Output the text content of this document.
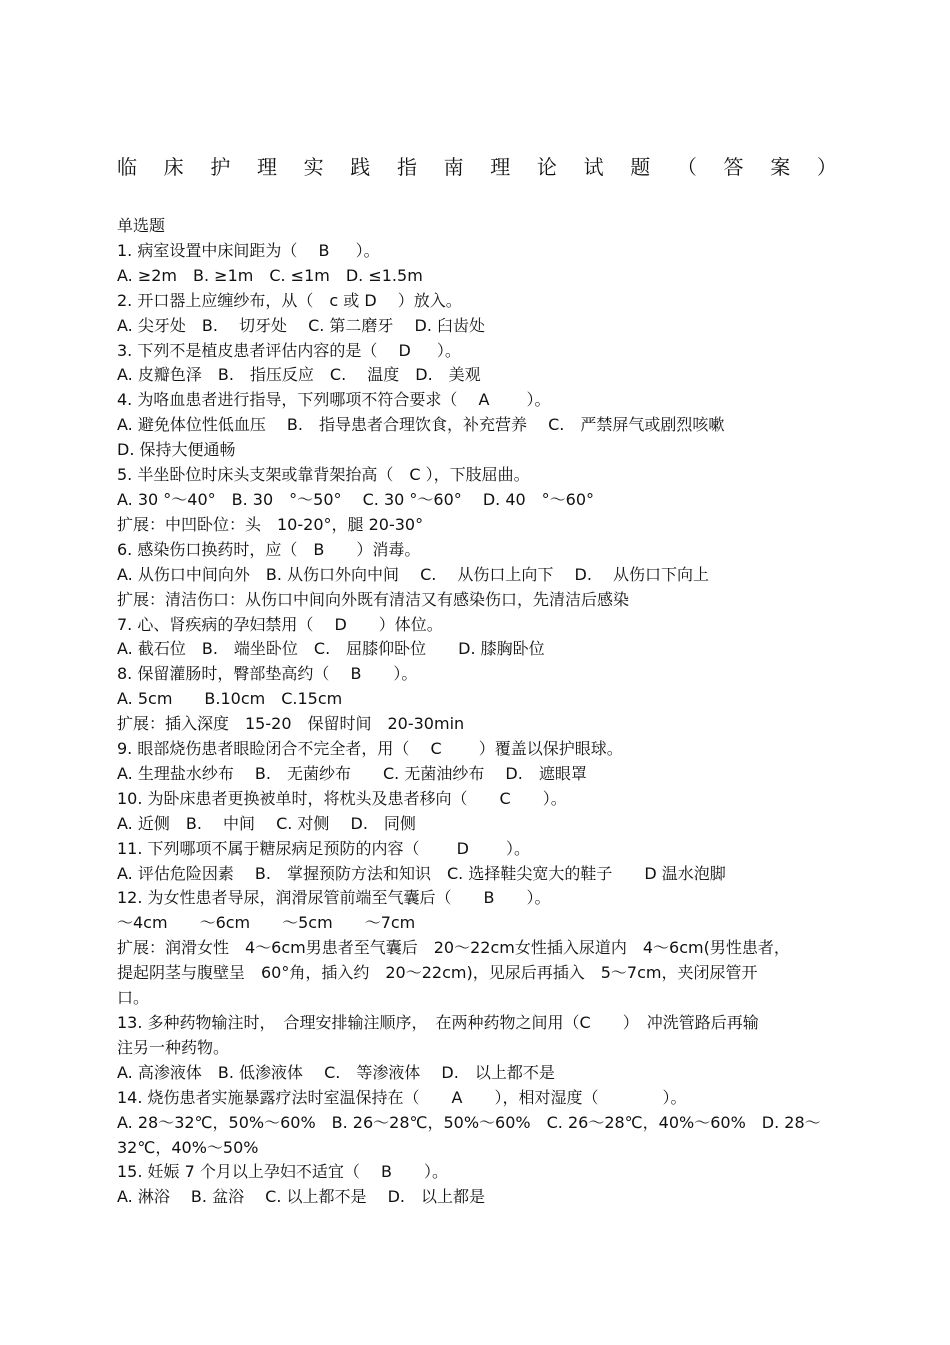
临 床 护 理 实 践 指 南 理 论 试 题 （ 答 案 ）

单选题

1. 病室设置中床间距为（　 B　  ）。

A. ≥2m　B. ≥1m　C. ≤1m　D. ≤1.5m

2. 开口器上应缠纱布，从（　c 或 D　 ）放入。

A. 尖牙处　B.　 切牙处　 C. 第二磨牙　 D. 臼齿处

3. 下列不是植皮患者评估内容的是（　 D　  ）。

A. 皮瓣色泽　B.　指压反应　C.　 温度　D.　美观

4. 为咯血患者进行指导，下列哪项不符合要求（　 A　　 ）。

A. 避免体位性低血压　 B.　指导患者合理饮食，补充营养　 C.　严禁屏气或剧烈咳嗽

D. 保持大便通畅

5. 半坐卧位时床头支架或靠背架抬高（　C ），下肢屈曲。

A. 30 °～40°　B. 30　°～50°　 C. 30 °～60°　 D. 40　°～60°

扩展：中凹卧位：头　10-20°，腿 20-30°

6. 感染伤口换药时，应（　B　　）消毒。

A. 从伤口中间向外　B. 从伤口外向中间　 C.　 从伤口上向下　 D.　 从伤口下向上

扩展：清洁伤口：从伤口中间向外既有清洁又有感染伤口，先清洁后感染

7. 心、肾疾病的孕妇禁用（　 D　　）体位。

A. 截石位　B.　端坐卧位　C.　屈膝仰卧位　　D. 膝胸卧位

8. 保留灌肠时，臀部垫高约（　 B　　）。

A. 5cm　　B.10cm　C.15cm

扩展：插入深度　15-20　保留时间　20-30min

9. 眼部烧伤患者眼睑闭合不完全者，用（　 C　　 ）覆盖以保护眼球。

A. 生理盐水纱布　 B.　无菌纱布　　C. 无菌油纱布　 D.　遮眼罩

10. 为卧床患者更换被单时，将枕头及患者移向（　　C　　）。

A. 近侧　B.　 中间　 C. 对侧　 D.　同侧

11. 下列哪项不属于糖尿病足预防的内容（　　 D　　 ）。

A. 评估危险因素　 B.　掌握预防方法和知识　C. 选择鞋尖宽大的鞋子　　D 温水泡脚

12. 为女性患者导尿，润滑尿管前端至气囊后（　　B　　）。

～4cm　　～6cm　　～5cm　　～7cm

扩展：润滑女性　4～6cm男患者至气囊后　20～22cm女性插入尿道内　4～6cm(男性患者，

提起阴茎与腹壁呈　60°角，插入约　20～22cm)，见尿后再插入　5～7cm，夹闭尿管开

口。

13. 多种药物输注时，　合理安排输注顺序，　在两种药物之间用（C　　）　冲洗管路后再输

注另一种药物。

A. 高渗液体　B. 低渗液体　 C.　等渗液体　 D.　以上都不是

14. 烧伤患者实施暴露疗法时室温保持在（　　A　　），相对湿度（　　　　）。

A. 28～32℃，50%～60%　B. 26～28℃，50%～60%　C. 26～28℃，40%～60%　D. 28～

32℃，40%～50%

15. 妊娠 7 个月以上孕妇不适宜（　 B　　）。

A. 淋浴　 B. 盆浴　 C. 以上都不是　 D.　以上都是
